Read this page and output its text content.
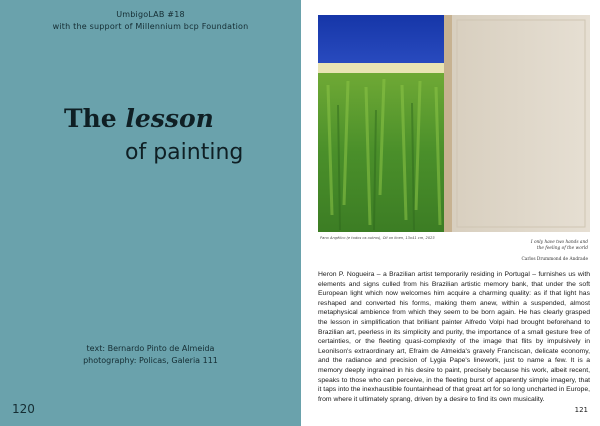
UmbigoLAB #18
with the support of Millennium bcp Foundation
The lesson
of painting
text: Bernardo Pinto de Almeida
photography: Policas, Galeria 111
120
Pano Angélico (e todos os outros), Oil on linen, 13x41 cm, 2023
I only have two hands and
the feeling of the world
Carlos Drummond de Andrade

Heron P. Nogueira – a Brazilian artist temporarily residing in Portugal – furnishes us with elements and signs culled from his Brazilian artistic memory bank, that under the soft European light which now welcomes him acquire a charming quality: as if that light has reshaped and converted his forms, making them anew, within a suspended, almost metaphysical ambience from which they seem to be born again. He has clearly grasped the lesson in simplification that brilliant painter Alfredo Volpi had brought beforehand to Brazilian art, peerless in its simplicity and purity, the importance of a small gesture free of certainties, or the fleeting quasi-complexity of the image that flits by impulsively in Leonilson's extraordinary art, Efraim de Almeida's gravely Franciscan, delicate economy, and the radiance and precision of Lygia Pape's linework, just to name a few. It is a memory deeply ingrained in his desire to paint, precisely because his work, albeit recent, speaks to those who can perceive, in the fleeting burst of apparently simple imagery, that it taps into the inexhaustible fountainhead of that great art for so long uncharted in Europe, from where it ultimately sprang, driven by a desire to find its own musicality.

121
